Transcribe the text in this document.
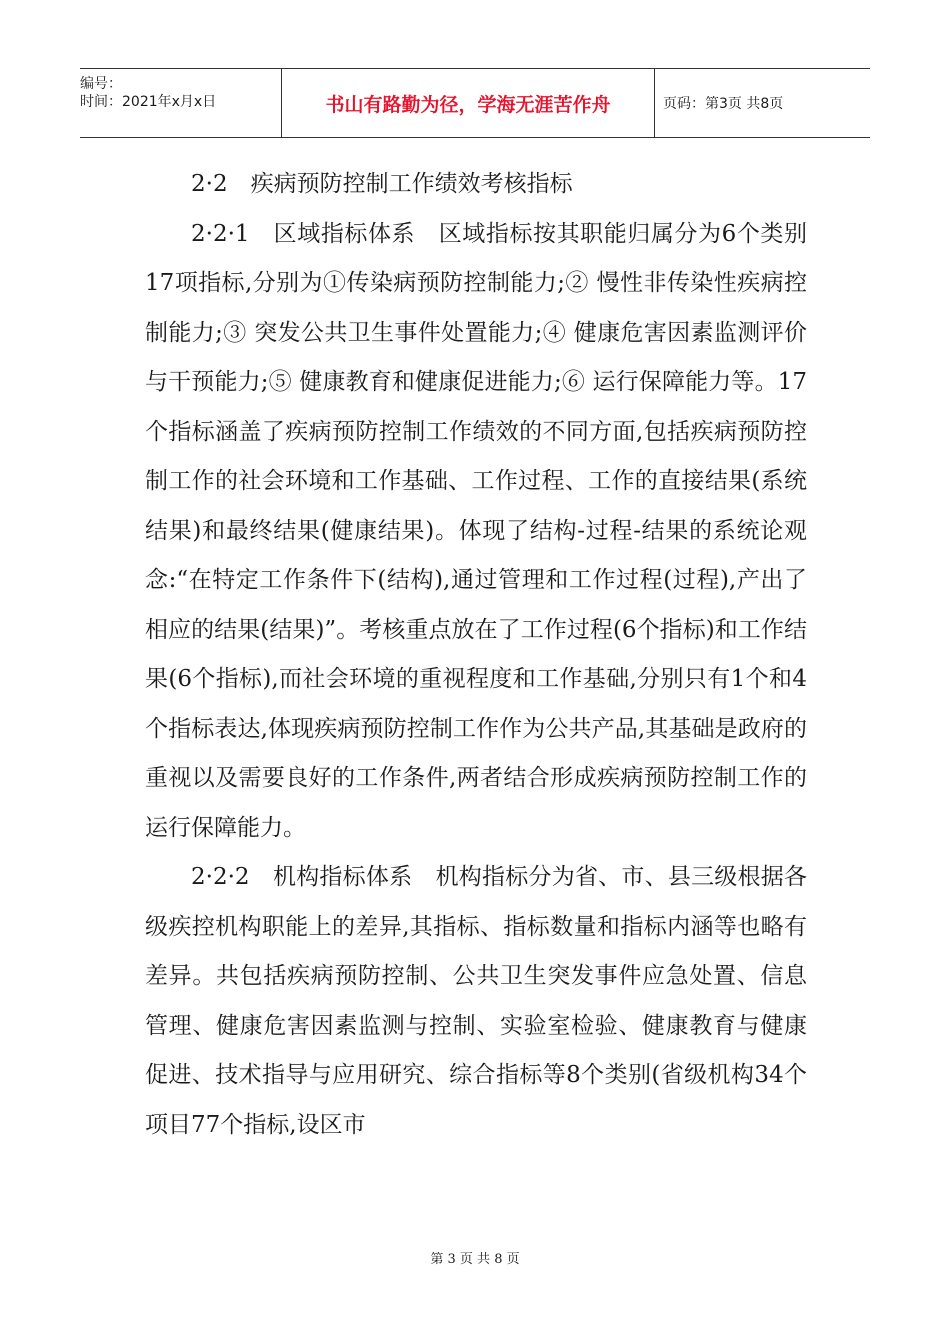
编号：
时间：2021年x月x日	书山有路勤为径，学海无涯苦作舟	页码：第3页 共8页

2·2　疾病预防控制工作绩效考核指标

2·2·1　区域指标体系　区域指标按其职能归属分为6个类别17项指标,分别为①传染病预防控制能力;② 慢性非传染性疾病控制能力;③ 突发公共卫生事件处置能力;④ 健康危害因素监测评价与干预能力;⑤ 健康教育和健康促进能力;⑥ 运行保障能力等。17个指标涵盖了疾病预防控制工作绩效的不同方面,包括疾病预防控制工作的社会环境和工作基础、工作过程、工作的直接结果(系统结果)和最终结果(健康结果)。体现了结构-过程-结果的系统论观念:“在特定工作条件下(结构),通过管理和工作过程(过程),产出了相应的结果(结果)”。考核重点放在了工作过程(6个指标)和工作结果(6个指标),而社会环境的重视程度和工作基础,分别只有1个和4个指标表达,体现疾病预防控制工作作为公共产品,其基础是政府的重视以及需要良好的工作条件,两者结合形成疾病预防控制工作的运行保障能力。

2·2·2　机构指标体系　机构指标分为省、市、县三级根据各级疾控机构职能上的差异,其指标、指标数量和指标内涵等也略有差异。共包括疾病预防控制、公共卫生突发事件应急处置、信息管理、健康危害因素监测与控制、实验室检验、健康教育与健康促进、技术指导与应用研究、综合指标等8个类别(省级机构34个项目77个指标,设区市

第 3 页 共 8 页
